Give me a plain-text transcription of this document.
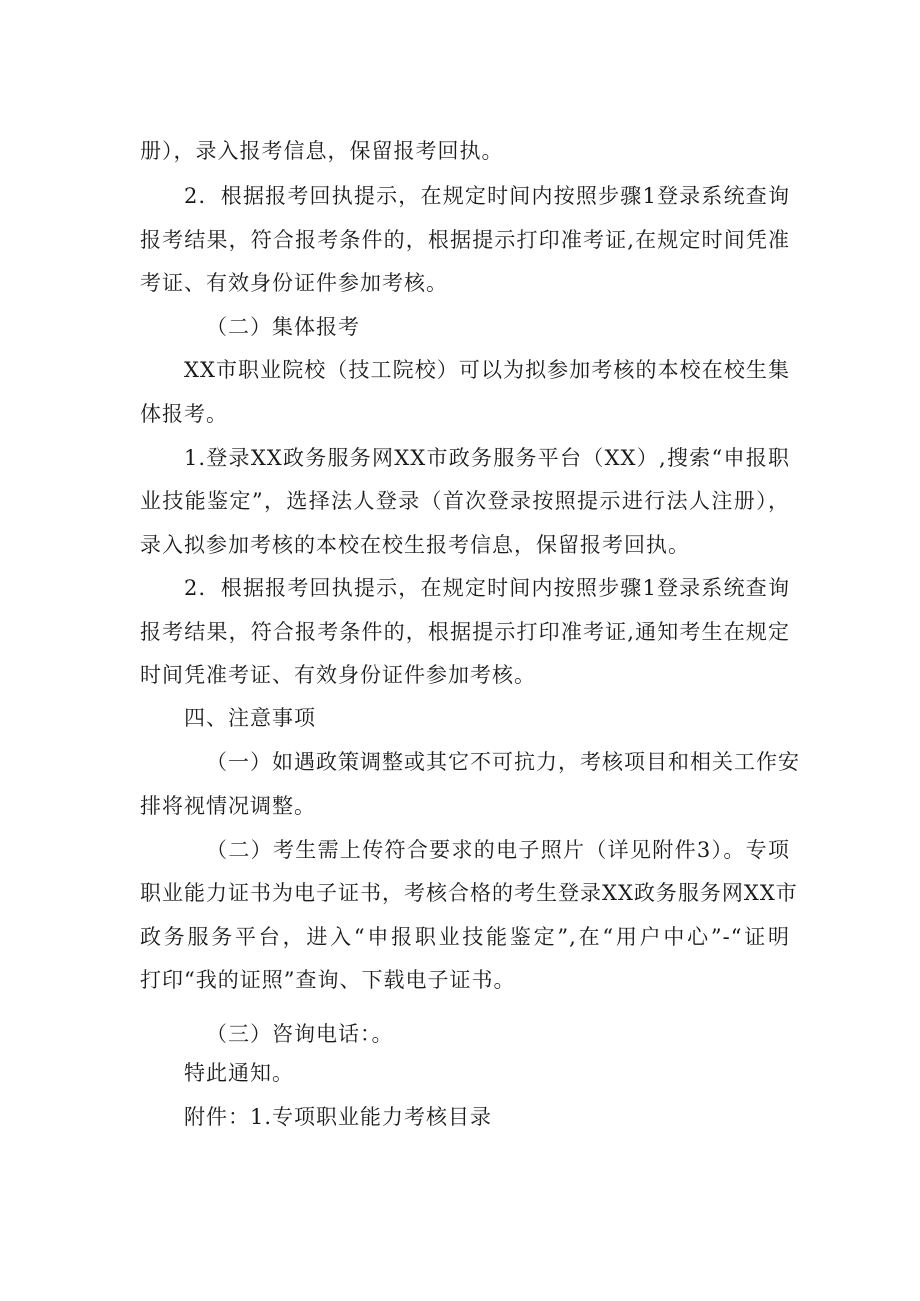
册），录入报考信息，保留报考回执。
2．根据报考回执提示，在规定时间内按照步骤1登录系统查询
报考结果，符合报考条件的，根据提示打印准考证,在规定时间凭准
考证、有效身份证件参加考核。
（二）集体报考
XX市职业院校（技工院校）可以为拟参加考核的本校在校生集
体报考。
1.登录XX政务服务网XX市政务服务平台（XX）,搜索“申报职
业技能鉴定”，选择法人登录（首次登录按照提示进行法人注册），
录入拟参加考核的本校在校生报考信息，保留报考回执。
2．根据报考回执提示，在规定时间内按照步骤1登录系统查询
报考结果，符合报考条件的，根据提示打印准考证,通知考生在规定
时间凭准考证、有效身份证件参加考核。
四、注意事项
（一）如遇政策调整或其它不可抗力，考核项目和相关工作安
排将视情况调整。
（二）考生需上传符合要求的电子照片（详见附件3）。专项
职业能力证书为电子证书，考核合格的考生登录XX政务服务网XX市
政务服务平台，进入“申报职业技能鉴定”,在“用户中心”-“证明
打印“我的证照”查询、下载电子证书。
（三）咨询电话：。
特此通知。
附件：1.专项职业能力考核目录
